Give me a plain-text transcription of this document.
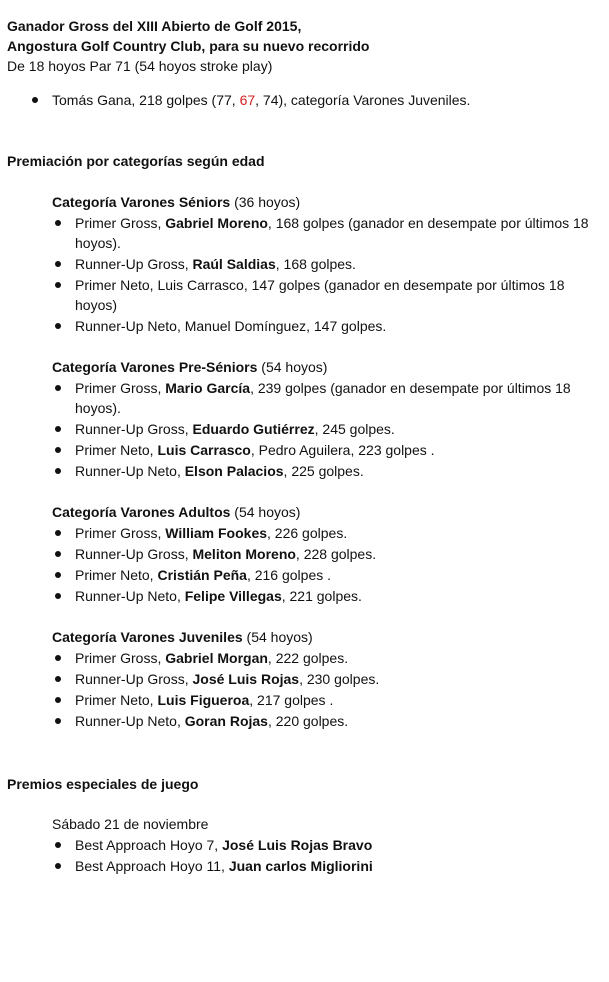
Ganador Gross del XIII Abierto de Golf 2015,
Angostura Golf Country Club, para su nuevo recorrido
De 18 hoyos Par 71 (54 hoyos stroke play)
Tomás Gana, 218 golpes (77, 67, 74), categoría Varones Juveniles.
Premiación por categorías según edad
Categoría Varones Séniors (36 hoyos)
Primer Gross, Gabriel Moreno, 168 golpes (ganador en desempate por últimos 18 hoyos).
Runner-Up Gross, Raúl Saldias, 168 golpes.
Primer Neto, Luis Carrasco, 147 golpes (ganador en desempate por últimos 18 hoyos)
Runner-Up Neto, Manuel Domínguez, 147 golpes.
Categoría Varones Pre-Séniors (54 hoyos)
Primer Gross, Mario García, 239 golpes (ganador en desempate por últimos 18 hoyos).
Runner-Up Gross, Eduardo Gutiérrez, 245 golpes.
Primer Neto, Luis Carrasco, Pedro Aguilera, 223 golpes .
Runner-Up Neto, Elson Palacios, 225 golpes.
Categoría Varones Adultos (54 hoyos)
Primer Gross, William Fookes, 226 golpes.
Runner-Up Gross, Meliton Moreno, 228 golpes.
Primer Neto, Cristián Peña, 216 golpes .
Runner-Up Neto, Felipe Villegas, 221 golpes.
Categoría Varones Juveniles (54 hoyos)
Primer Gross, Gabriel Morgan, 222 golpes.
Runner-Up Gross, José Luis Rojas, 230 golpes.
Primer Neto, Luis Figueroa, 217 golpes .
Runner-Up Neto, Goran Rojas, 220 golpes.
Premios especiales de juego
Sábado 21 de noviembre
Best Approach Hoyo 7, José Luis Rojas Bravo
Best Approach Hoyo 11, Juan carlos Migliorini
